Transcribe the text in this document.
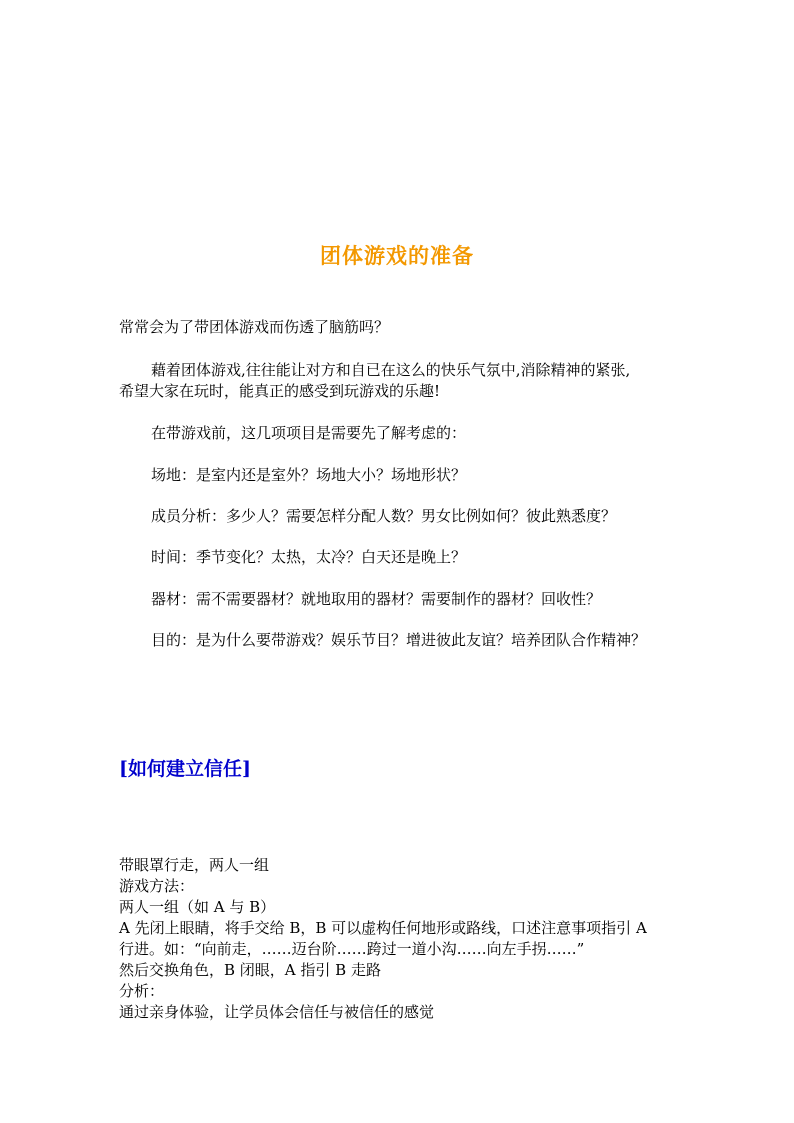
团体游戏的准备
常常会为了带团体游戏而伤透了脑筋吗？
藉着团体游戏,往往能让对方和自已在这么的快乐气氛中,消除精神的紧张,
希望大家在玩时，能真正的感受到玩游戏的乐趣!
在带游戏前，这几项项目是需要先了解考虑的：
场地：是室内还是室外？场地大小？场地形状？
成员分析：多少人？需要怎样分配人数？男女比例如何？彼此熟悉度？
时间：季节变化？太热，太冷？白天还是晚上？
器材：需不需要器材？就地取用的器材？需要制作的器材？回收性？
目的：是为什么要带游戏？娱乐节目？增进彼此友谊？培养团队合作精神？
[如何建立信任]
带眼罩行走，两人一组
游戏方法：
两人一组（如 A 与 B）
A 先闭上眼睛，将手交给 B，B 可以虚构任何地形或路线，口述注意事项指引 A
行进。如：“向前走，……迈台阶……跨过一道小沟……向左手拐……”
然后交换角色，B 闭眼，A 指引 B 走路
分析：
通过亲身体验，让学员体会信任与被信任的感觉
